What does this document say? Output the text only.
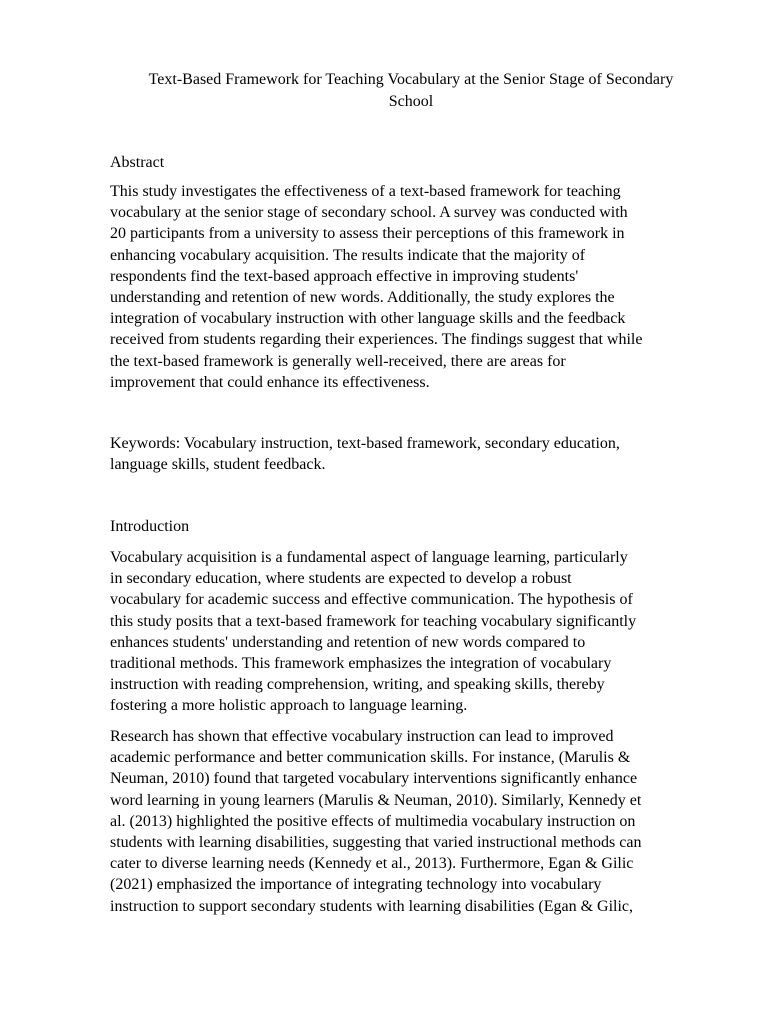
Text-Based Framework for Teaching Vocabulary at the Senior Stage of Secondary
School
Abstract
This study investigates the effectiveness of a text-based framework for teaching
vocabulary at the senior stage of secondary school. A survey was conducted with
20 participants from a university to assess their perceptions of this framework in
enhancing vocabulary acquisition. The results indicate that the majority of
respondents find the text-based approach effective in improving students'
understanding and retention of new words. Additionally, the study explores the
integration of vocabulary instruction with other language skills and the feedback
received from students regarding their experiences. The findings suggest that while
the text-based framework is generally well-received, there are areas for
improvement that could enhance its effectiveness.
Keywords: Vocabulary instruction, text-based framework, secondary education,
language skills, student feedback.
Introduction
Vocabulary acquisition is a fundamental aspect of language learning, particularly
in secondary education, where students are expected to develop a robust
vocabulary for academic success and effective communication. The hypothesis of
this study posits that a text-based framework for teaching vocabulary significantly
enhances students' understanding and retention of new words compared to
traditional methods. This framework emphasizes the integration of vocabulary
instruction with reading comprehension, writing, and speaking skills, thereby
fostering a more holistic approach to language learning.
Research has shown that effective vocabulary instruction can lead to improved
academic performance and better communication skills. For instance, (Marulis &
Neuman, 2010) found that targeted vocabulary interventions significantly enhance
word learning in young learners (Marulis & Neuman, 2010). Similarly, Kennedy et
al. (2013) highlighted the positive effects of multimedia vocabulary instruction on
students with learning disabilities, suggesting that varied instructional methods can
cater to diverse learning needs (Kennedy et al., 2013). Furthermore, Egan & Gilic
(2021) emphasized the importance of integrating technology into vocabulary
instruction to support secondary students with learning disabilities (Egan & Gilic,
